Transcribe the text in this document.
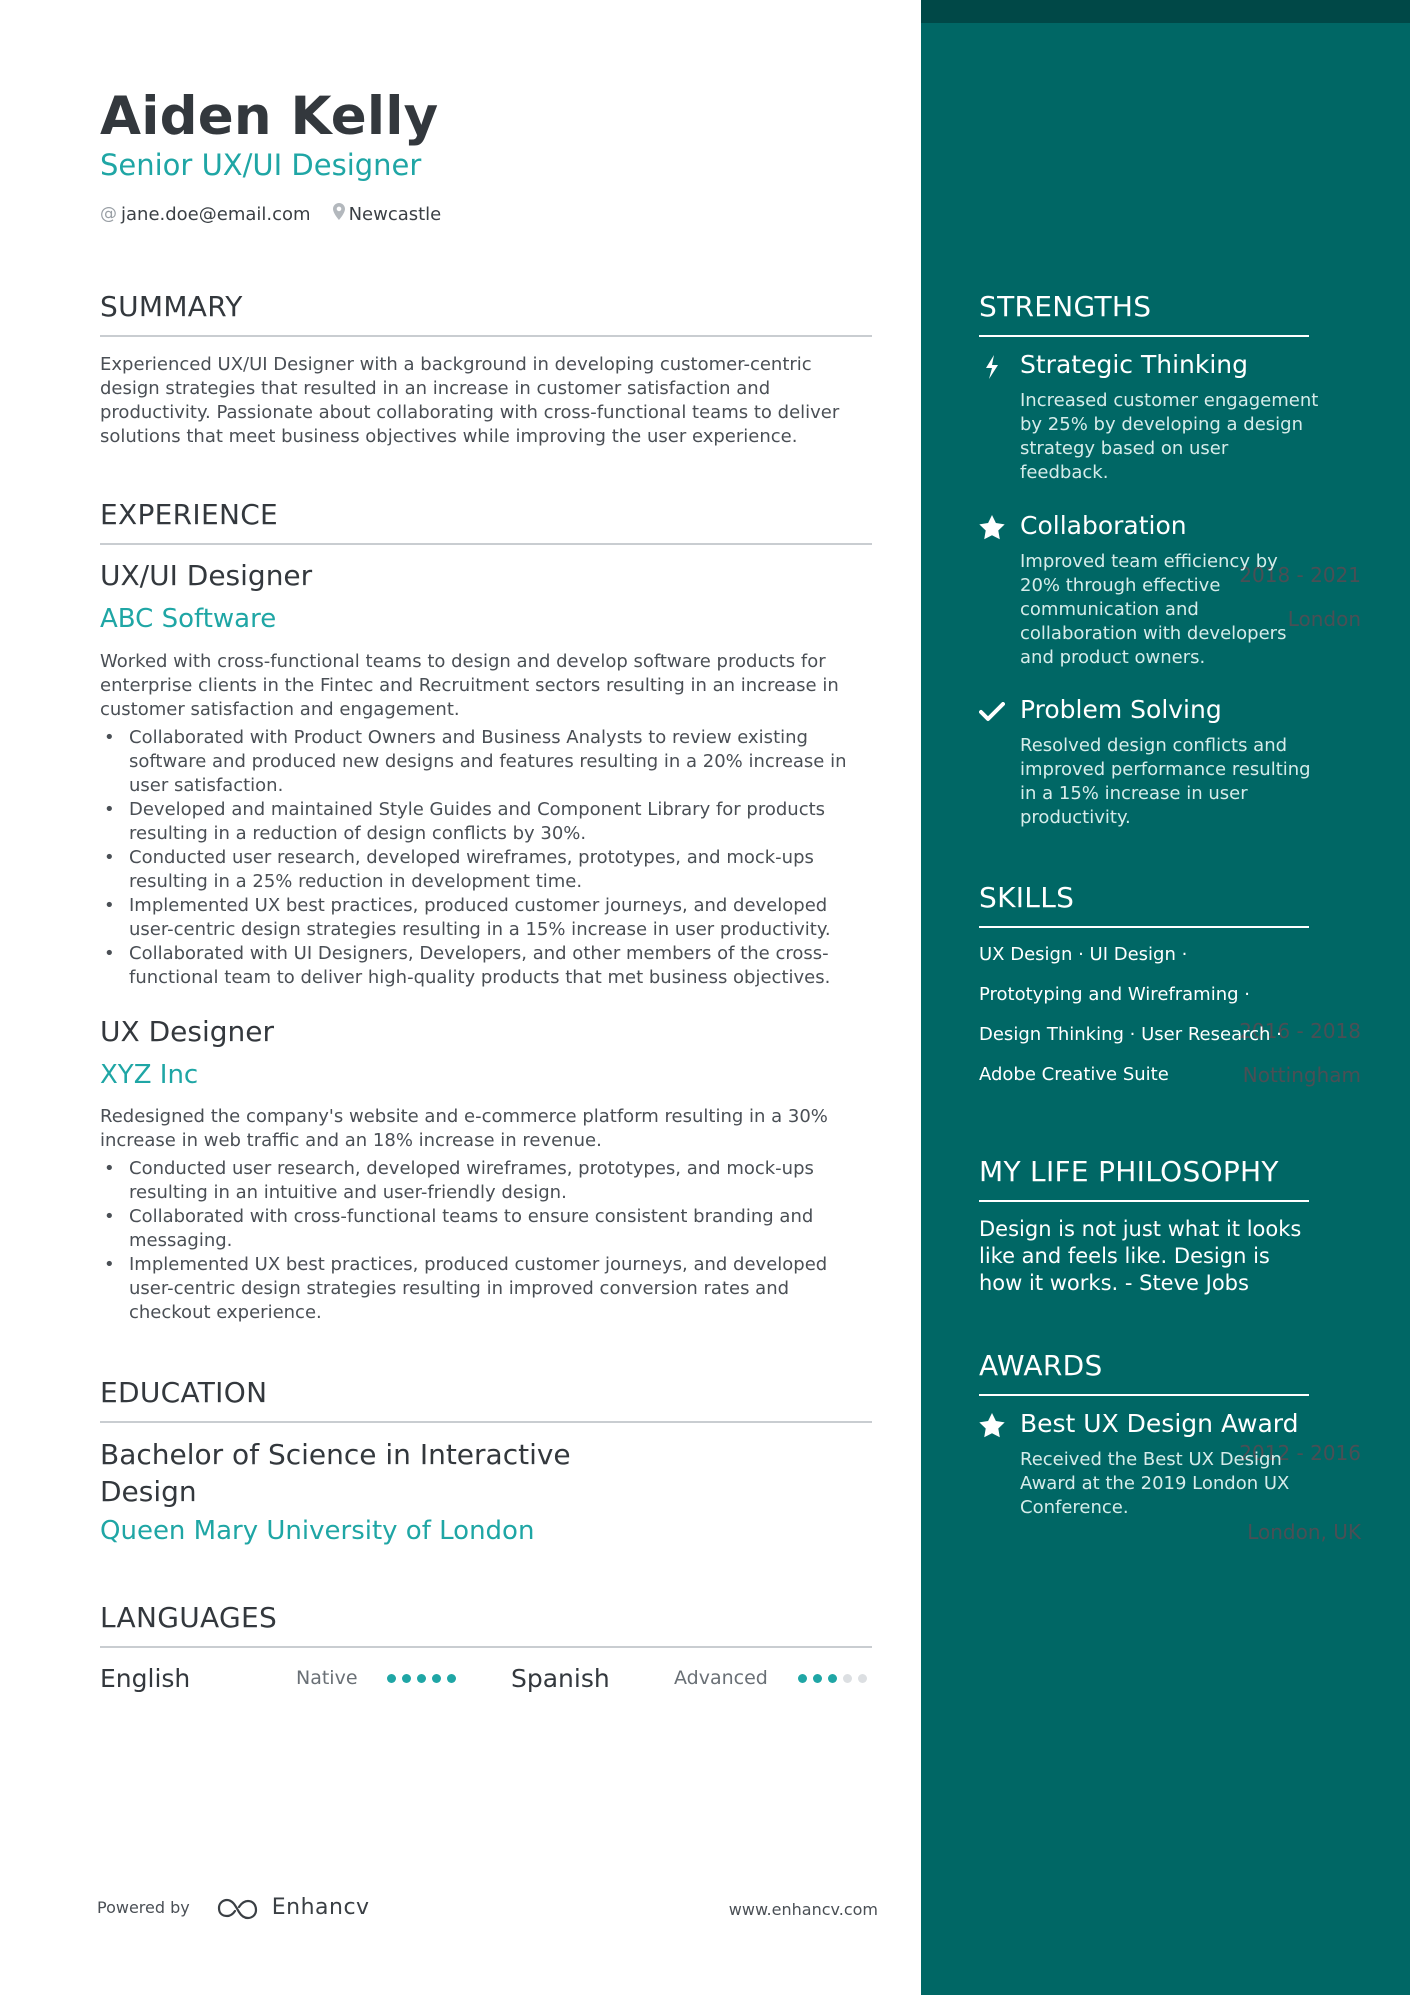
Aiden Kelly
Senior UX/UI Designer
@ jane.doe@email.com Newcastle
SUMMARY
Experienced UX/UI Designer with a background in developing customer-centric design strategies that resulted in an increase in customer satisfaction and productivity. Passionate about collaborating with cross-functional teams to deliver solutions that meet business objectives while improving the user experience.
EXPERIENCE
UX/UI Designer	2018 - 2021
ABC Software	London
Worked with cross-functional teams to design and develop software products for enterprise clients in the Fintec and Recruitment sectors resulting in an increase in customer satisfaction and engagement.
• Collaborated with Product Owners and Business Analysts to review existing software and produced new designs and features resulting in a 20% increase in user satisfaction.
• Developed and maintained Style Guides and Component Library for products resulting in a reduction of design conflicts by 30%.
• Conducted user research, developed wireframes, prototypes, and mock-ups resulting in a 25% reduction in development time.
• Implemented UX best practices, produced customer journeys, and developed user-centric design strategies resulting in a 15% increase in user productivity.
• Collaborated with UI Designers, Developers, and other members of the cross-functional team to deliver high-quality products that met business objectives.
UX Designer	2016 - 2018
XYZ Inc	Nottingham
Redesigned the company's website and e-commerce platform resulting in a 30% increase in web traffic and an 18% increase in revenue.
• Conducted user research, developed wireframes, prototypes, and mock-ups resulting in an intuitive and user-friendly design.
• Collaborated with cross-functional teams to ensure consistent branding and messaging.
• Implemented UX best practices, produced customer journeys, and developed user-centric design strategies resulting in improved conversion rates and checkout experience.
EDUCATION
Bachelor of Science in Interactive Design
2012 - 2016
Queen Mary University of London	London, UK
LANGUAGES
English	Native	Spanish	Advanced
Powered by	Enhancv	www.enhancv.com
STRENGTHS
Strategic Thinking
Increased customer engagement by 25% by developing a design strategy based on user feedback.
Collaboration
Improved team efficiency by 20% through effective communication and collaboration with developers and product owners.
Problem Solving
Resolved design conflicts and improved performance resulting in a 15% increase in user productivity.
SKILLS
UX Design · UI Design ·
Prototyping and Wireframing ·
Design Thinking · User Research ·
Adobe Creative Suite
MY LIFE PHILOSOPHY
Design is not just what it looks like and feels like. Design is how it works. - Steve Jobs
AWARDS
Best UX Design Award
Received the Best UX Design Award at the 2019 London UX Conference.
